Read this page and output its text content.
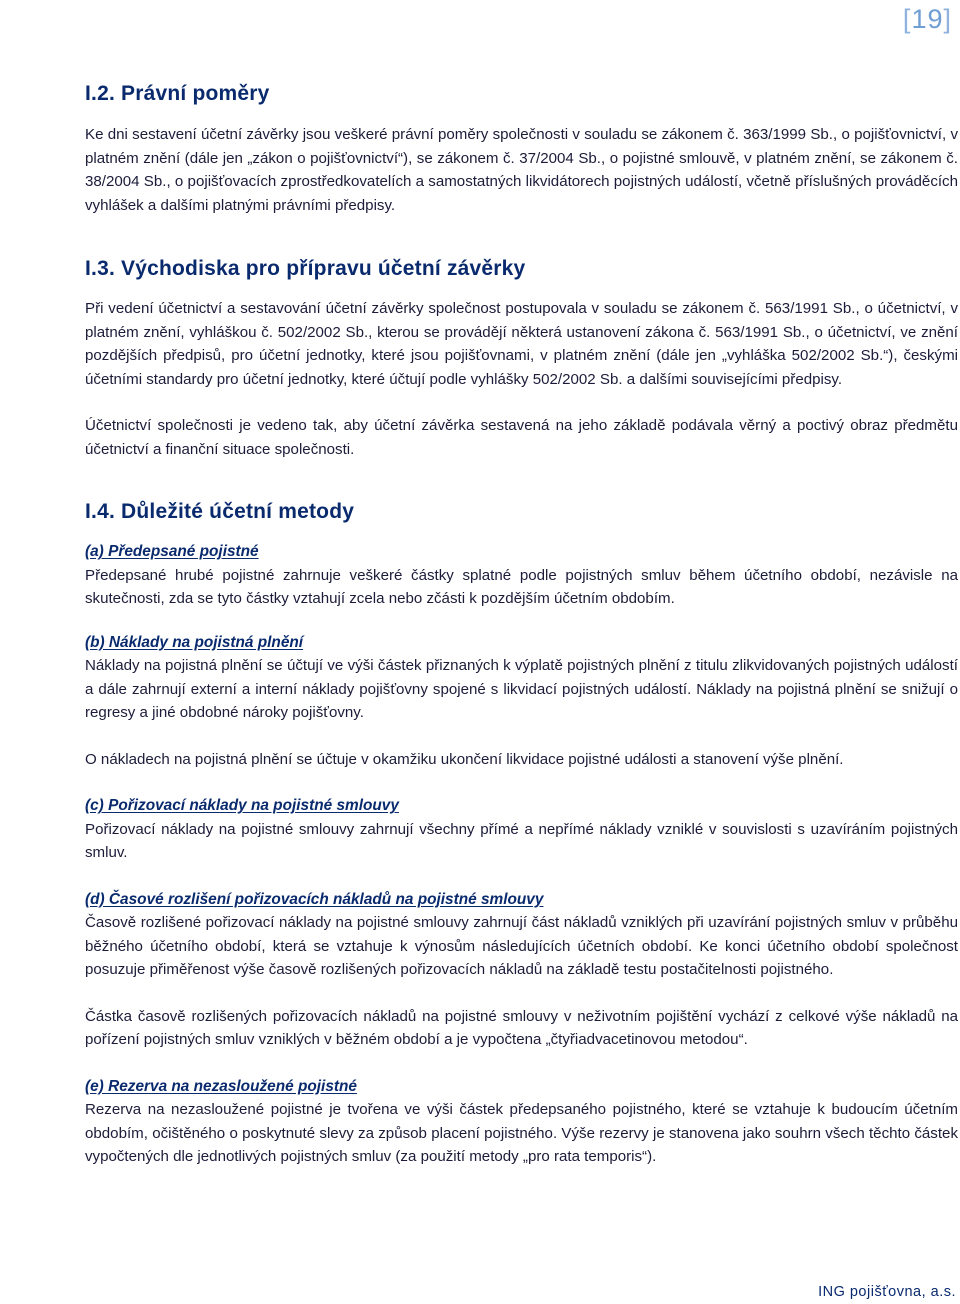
[19]
I.2. Právní poměry

Ke dni sestavení účetní závěrky jsou veškeré právní poměry společnosti v souladu se zákonem č. 363/1999 Sb., o pojišťovnictví, v platném znění (dále jen „zákon o pojišťovnictví“), se zákonem č. 37/2004 Sb., o pojistné smlouvě, v platném znění, se zákonem č. 38/2004 Sb., o pojišťovacích zprostředkovatelích a samostatných likvidátorech pojistných událostí, včetně příslušných prováděcích vyhlášek a dalšími platnými právními předpisy.

I.3. Východiska pro přípravu účetní závěrky

Při vedení účetnictví a sestavování účetní závěrky společnost postupovala v souladu se zákonem č. 563/1991 Sb., o účetnictví, v platném znění, vyhláškou č. 502/2002 Sb., kterou se provádějí některá ustanovení zákona č. 563/1991 Sb., o účetnictví, ve znění pozdějších předpisů, pro účetní jednotky, které jsou pojišťovnami, v platném znění (dále jen „vyhláška 502/2002 Sb.“), českými účetními standardy pro účetní jednotky, které účtují podle vyhlášky 502/2002 Sb. a dalšími souvisejícími předpisy.

Účetnictví společnosti je vedeno tak, aby účetní závěrka sestavená na jeho základě podávala věrný a poctivý obraz předmětu účetnictví a finanční situace společnosti.

I.4. Důležité účetní metody
(a) Předepsané pojistné

Předepsané hrubé pojistné zahrnuje veškeré částky splatné podle pojistných smluv během účetního období, nezávisle na skutečnosti, zda se tyto částky vztahují zcela nebo zčásti k pozdějším účetním obdobím.

(b) Náklady na pojistná plnění

Náklady na pojistná plnění se účtují ve výši částek přiznaných k výplatě pojistných plnění z titulu zlikvidovaných pojistných událostí a dále zahrnují externí a interní náklady pojišťovny spojené s likvidací pojistných událostí. Náklady na pojistná plnění se snižují o regresy a jiné obdobné nároky pojišťovny.

O nákladech na pojistná plnění se účtuje v okamžiku ukončení likvidace pojistné události a stanovení výše plnění.

(c) Pořizovací náklady na pojistné smlouvy

Pořizovací náklady na pojistné smlouvy zahrnují všechny přímé a nepřímé náklady vzniklé v souvislosti s uzavíráním pojistných smluv.

(d) Časové rozlišení pořizovacích nákladů na pojistné smlouvy

Časově rozlišené pořizovací náklady na pojistné smlouvy zahrnují část nákladů vzniklých při uzavírání pojistných smluv v průběhu běžného účetního období, která se vztahuje k výnosům následujících účetních období. Ke konci účetního období společnost posuzuje přiměřenost výše časově rozlišených pořizovacích nákladů na základě testu postačitelnosti pojistného.

Částka časově rozlišených pořizovacích nákladů na pojistné smlouvy v neživotním pojištění vychází z celkové výše nákladů na pořízení pojistných smluv vzniklých v běžném období a je vypočtena „čtyřiadvacetinovou metodou“.

(e) Rezerva na nezasloužené pojistné

Rezerva na nezasloužené pojistné je tvořena ve výši částek předepsaného pojistného, které se vztahuje k budoucím účetním obdobím, očištěného o poskytnuté slevy za způsob placení pojistného. Výše rezervy je stanovena jako souhrn všech těchto částek vypočtených dle jednotlivých pojistných smluv (za použití metody „pro rata temporis“).

ING pojišťovna, a.s.
